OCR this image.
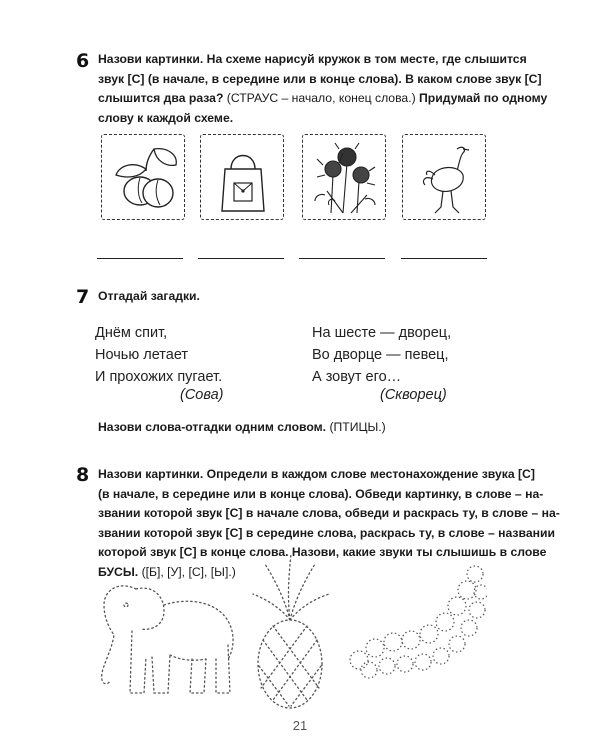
6 Назови картинки. На схеме нарисуй кружок в том месте, где слышится
звук [С] (в начале, в середине или в конце слова). В каком слове звук [С]
слышится два раза? (СТРАУС – начало, конец слова.) Придумай по одному
слову к каждой схеме.
7 Отгадай загадки.
Днём спит,
Ночью летает
И прохожих пугает.
(Сова)
На шесте — дворец,
Во дворце — певец,
А зовут его…
(Скворец)
Назови слова-отгадки одним словом. (ПТИЦЫ.)
8 Назови картинки. Определи в каждом слове местонахождение звука [С]
(в начале, в середине или в конце слова). Обведи картинку, в слове – на-
звании которой звук [С] в начале слова, обведи и раскрась ту, в слове – на-
звании которой звук [С] в середине слова, раскрась ту, в слове – названии
которой звук [С] в конце слова. Назови, какие звуки ты слышишь в слове
БУСЫ. ([Б], [У], [С], [Ы].)
21
